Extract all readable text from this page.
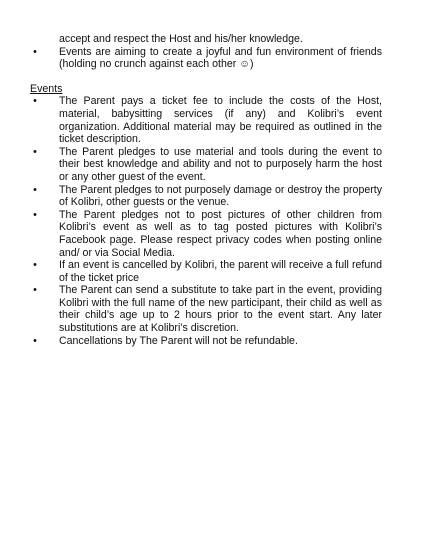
accept and respect the Host and his/her knowledge.
• Events are aiming to create a joyful and fun environment of friends (holding no crunch against each other ☺)
Events
• The Parent pays a ticket fee to include the costs of the Host, material, babysitting services (if any) and Kolibri’s event organization. Additional material may be required as outlined in the ticket description.
• The Parent pledges to use material and tools during the event to their best knowledge and ability and not to purposely harm the host or any other guest of the event.
• The Parent pledges to not purposely damage or destroy the property of Kolibri, other guests or the venue.
• The Parent pledges not to post pictures of other children from Kolibri’s event as well as to tag posted pictures with Kolibri’s Facebook page. Please respect privacy codes when posting online and/ or via Social Media.
• If an event is cancelled by Kolibri, the parent will receive a full refund of the ticket price
• The Parent can send a substitute to take part in the event, providing Kolibri with the full name of the new participant, their child as well as their child’s age up to 2 hours prior to the event start. Any later substitutions are at Kolibri’s discretion.
• Cancellations by The Parent will not be refundable.
